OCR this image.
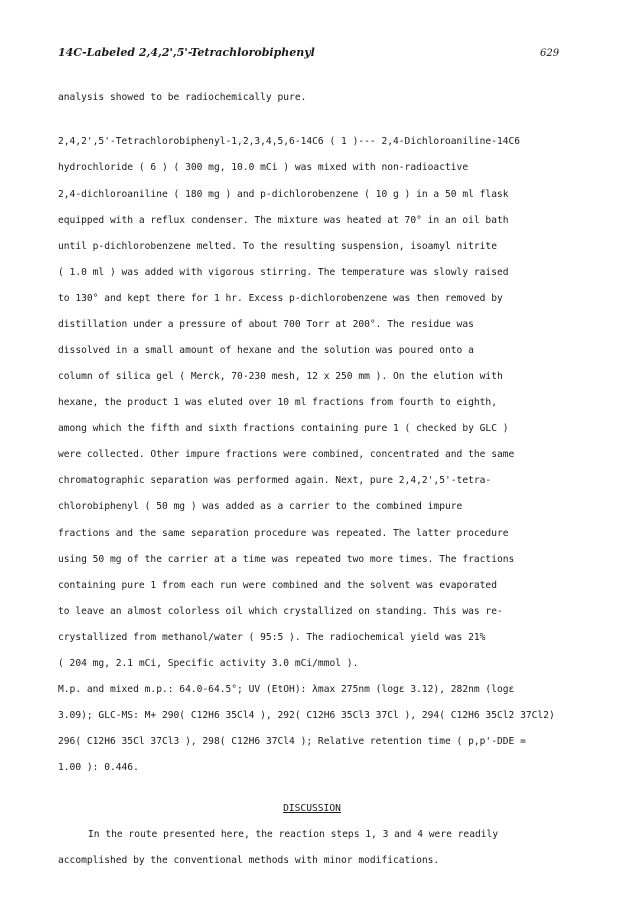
14C-Labeled 2,4,2',5'-Tetrachlorobiphenyl	629
analysis showed to be radiochemically pure.
2,4,2',5'-Tetrachlorobiphenyl-1,2,3,4,5,6-14C6 ( 1 )--- 2,4-Dichloroaniline-14C6
hydrochloride ( 6 ) ( 300 mg, 10.0 mCi ) was mixed with non-radioactive
2,4-dichloroaniline ( 180 mg ) and p-dichlorobenzene ( 10 g ) in a 50 ml flask
equipped with a reflux condenser. The mixture was heated at 70° in an oil bath
until p-dichlorobenzene melted. To the resulting suspension, isoamyl nitrite
( 1.0 ml ) was added with vigorous stirring. The temperature was slowly raised
to 130° and kept there for 1 hr. Excess p-dichlorobenzene was then removed by
distillation under a pressure of about 700 Torr at 200°. The residue was
dissolved in a small amount of hexane and the solution was poured onto a
column of silica gel ( Merck, 70-230 mesh, 12 x 250 mm ). On the elution with
hexane, the product 1 was eluted over 10 ml fractions from fourth to eighth,
among which the fifth and sixth fractions containing pure 1 ( checked by GLC )
were collected. Other impure fractions were combined, concentrated and the same
chromatographic separation was performed again. Next, pure 2,4,2',5'-tetra-
chlorobiphenyl ( 50 mg ) was added as a carrier to the combined impure
fractions and the same separation procedure was repeated. The latter procedure
using 50 mg of the carrier at a time was repeated two more times. The fractions
containing pure 1 from each run were combined and the solvent was evaporated
to leave an almost colorless oil which crystallized on standing. This was re-
crystallized from methanol/water ( 95:5 ). The radiochemical yield was 21%
( 204 mg, 2.1 mCi, Specific activity 3.0 mCi/mmol ).
M.p. and mixed m.p.: 64.0-64.5°; UV (EtOH): λmax 275nm (logε 3.12), 282nm (logε
3.09); GLC-MS: M+ 290( C12H6 35Cl4 ), 292( C12H6 35Cl3 37Cl ), 294( C12H6 35Cl2 37Cl2)
296( C12H6 35Cl 37Cl3 ), 298( C12H6 37Cl4 ); Relative retention time ( p,p'-DDE =
1.00 ): 0.446.
DISCUSSION
In the route presented here, the reaction steps 1, 3 and 4 were readily
accomplished by the conventional methods with minor modifications.
